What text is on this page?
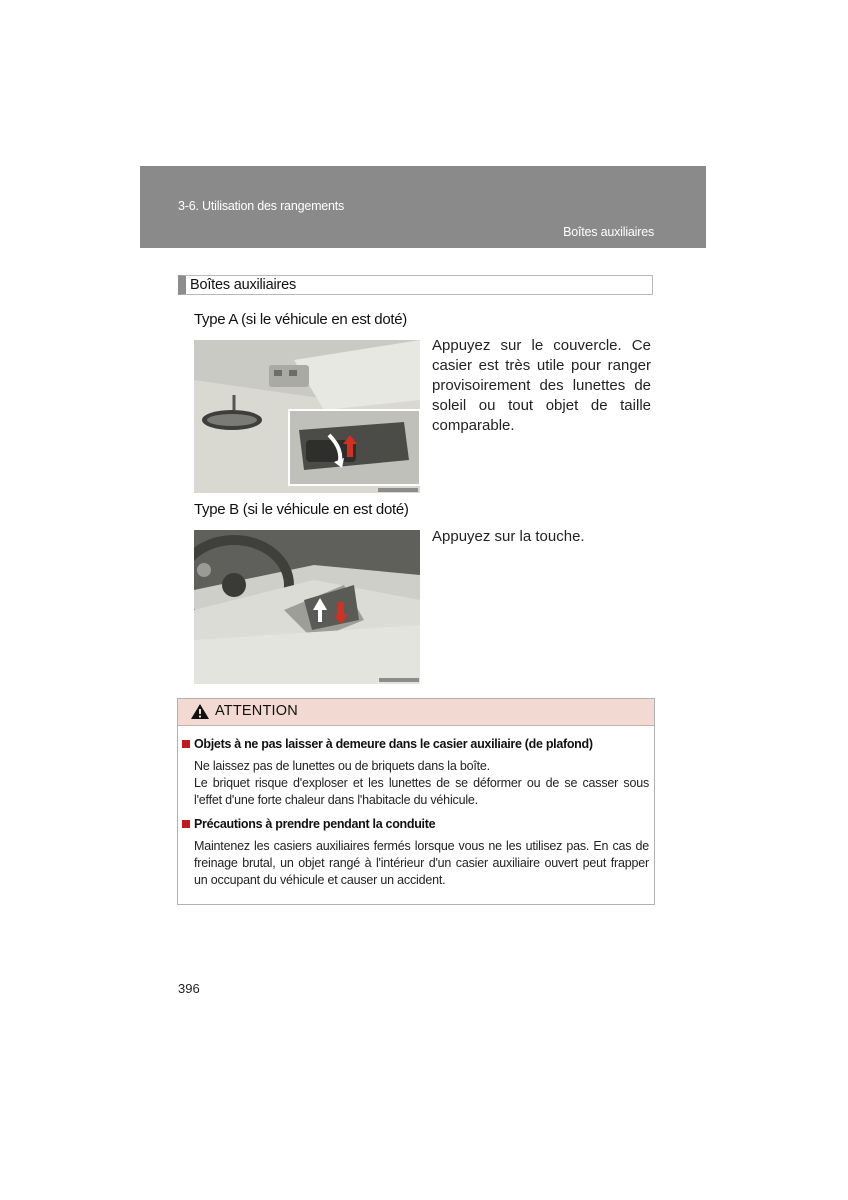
3-6. Utilisation des rangements
Boîtes auxiliaires
Boîtes auxiliaires
Type A (si le véhicule en est doté)
Appuyez sur le couvercle. Ce casier est très utile pour ranger provisoirement des lunettes de soleil ou tout objet de taille comparable.
Type B (si le véhicule en est doté)
Appuyez sur la touche.
ATTENTION
Objets à ne pas laisser à demeure dans le casier auxiliaire (de plafond)
Ne laissez pas de lunettes ou de briquets dans la boîte.
Le briquet risque d'exploser et les lunettes de se déformer ou de se casser sous
l'effet d'une forte chaleur dans l'habitacle du véhicule.
Précautions à prendre pendant la conduite
Maintenez les casiers auxiliaires fermés lorsque vous ne les utilisez pas. En cas de
freinage brutal, un objet rangé à l'intérieur d'un casier auxiliaire ouvert peut frapper
un occupant du véhicule et causer un accident.
396
